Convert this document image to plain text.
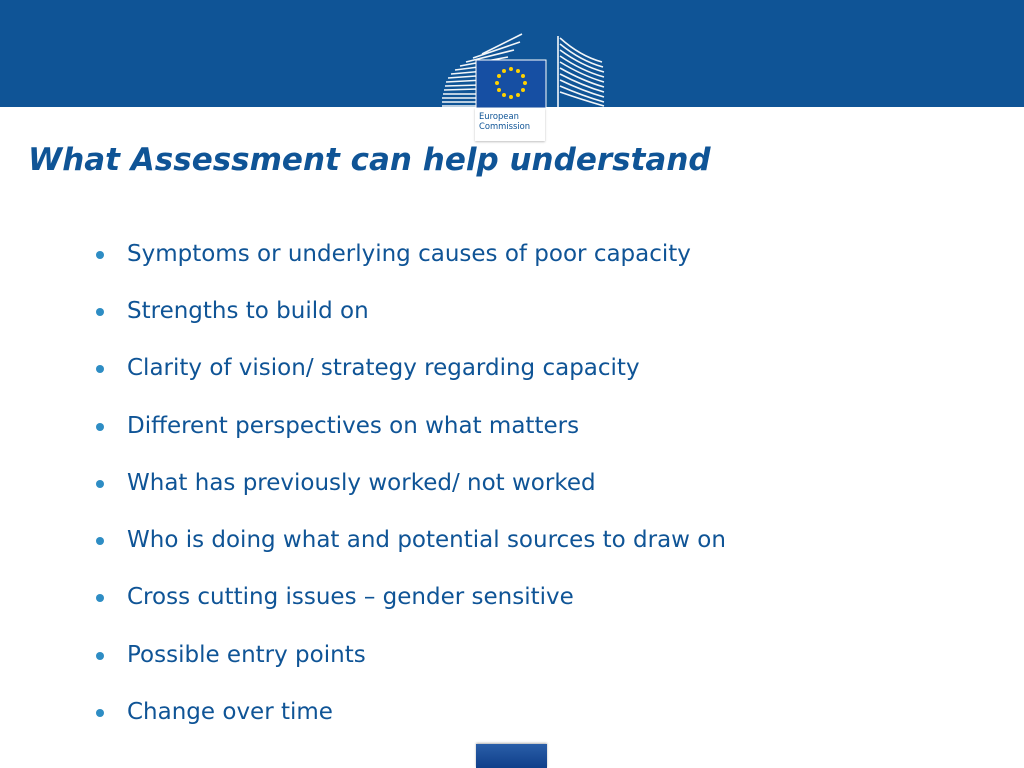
European
Commission
What Assessment can help understand
Symptoms or underlying causes of poor capacity
Strengths to build on
Clarity of vision/ strategy regarding capacity
Different perspectives on what matters
What has previously worked/ not worked
Who is doing what and potential sources to draw on
Cross cutting issues – gender sensitive
Possible entry points
Change over time
